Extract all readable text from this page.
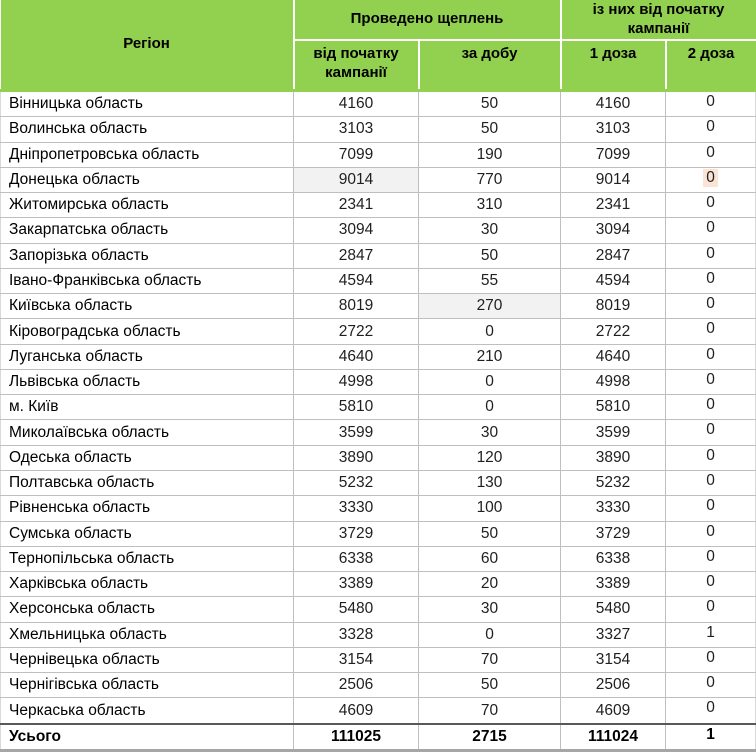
Регіон	Проведено щеплень		із них від початку кампанії	
	від початку кампанії	за добу	1 доза	2 доза
Вінницька область	4160	50	4160	0
Волинська область	3103	50	3103	0
Дніпропетровська область	7099	190	7099	0
Донецька область	9014	770	9014	0
Житомирська область	2341	310	2341	0
Закарпатська область	3094	30	3094	0
Запорізька область	2847	50	2847	0
Івано-Франківська область	4594	55	4594	0
Київська область	8019	270	8019	0
Кіровоградська область	2722	0	2722	0
Луганська область	4640	210	4640	0
Львівська область	4998	0	4998	0
м. Київ	5810	0	5810	0
Миколаївська область	3599	30	3599	0
Одеська область	3890	120	3890	0
Полтавська область	5232	130	5232	0
Рівненська область	3330	100	3330	0
Сумська область	3729	50	3729	0
Тернопільська область	6338	60	6338	0
Харківська область	3389	20	3389	0
Херсонська область	5480	30	5480	0
Хмельницька область	3328	0	3327	1
Чернівецька область	3154	70	3154	0
Чернігівська область	2506	50	2506	0
Черкаська область	4609	70	4609	0
Усього	111025	2715	111024	1
